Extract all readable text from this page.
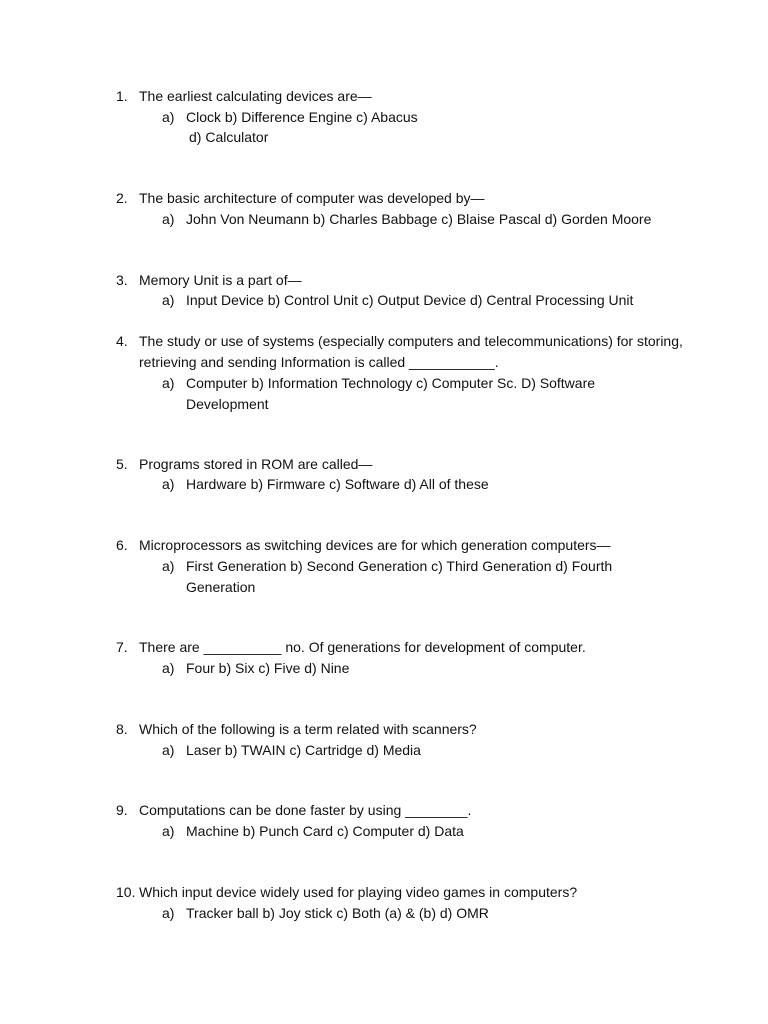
1. The earliest calculating devices are—
a) Clock b) Difference Engine c) Abacus
d) Calculator
2. The basic architecture of computer was developed by—
a) John Von Neumann b) Charles Babbage c) Blaise Pascal d) Gorden Moore
3. Memory Unit is a part of—
a) Input Device b) Control Unit c) Output Device d) Central Processing Unit
4. The study or use of systems (especially computers and telecommunications) for storing, retrieving and sending Information is called ___________.
a) Computer b) Information Technology c) Computer Sc. D) Software Development
5. Programs stored in ROM are called—
a) Hardware b) Firmware c) Software d) All of these
6. Microprocessors as switching devices are for which generation computers—
a) First Generation b) Second Generation c) Third Generation d) Fourth Generation
7. There are __________ no. Of generations for development of computer.
a) Four b) Six c) Five d) Nine
8. Which of the following is a term related with scanners?
a) Laser b) TWAIN c) Cartridge d) Media
9. Computations can be done faster by using ________.
a) Machine b) Punch Card c) Computer d) Data
10. Which input device widely used for playing video games in computers?
a) Tracker ball b) Joy stick c) Both (a) & (b) d) OMR
